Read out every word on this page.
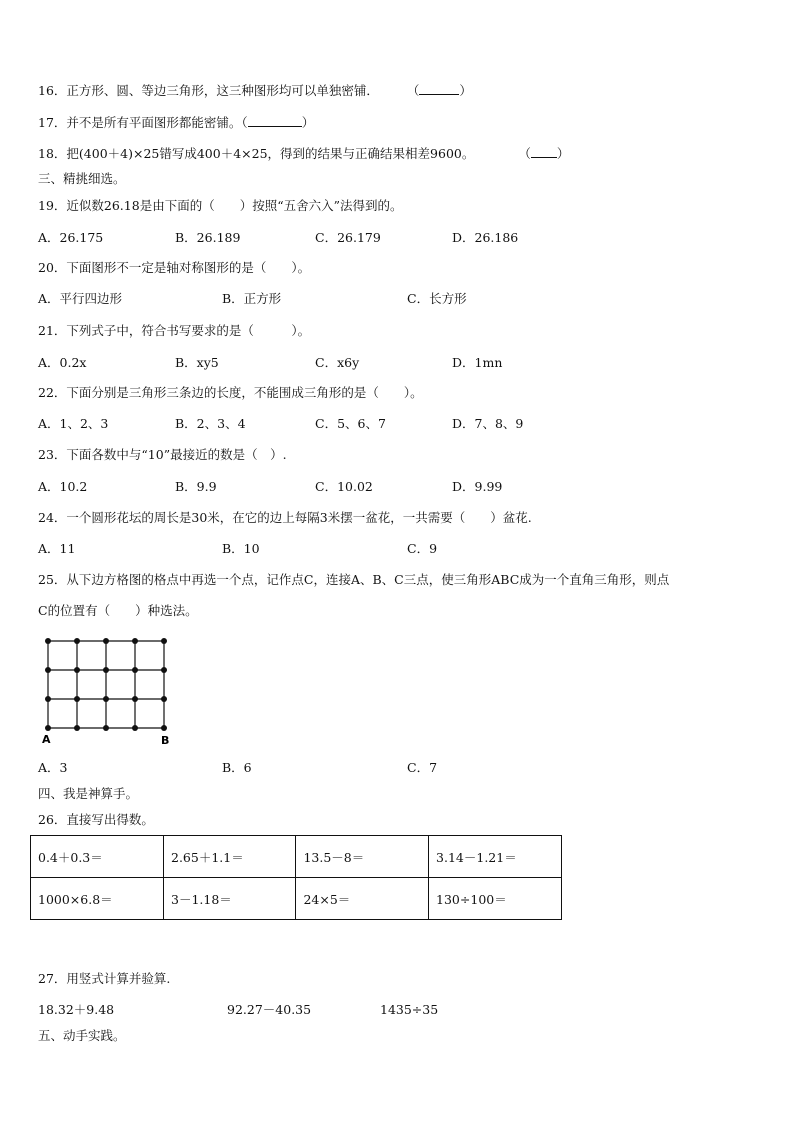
16．正方形、圆、等边三角形，这三种图形均可以单独密铺． （	）
17．并不是所有平面图形都能密铺。（	）
18．把(400＋4)×25错写成400＋4×25，得到的结果与正确结果相差9600。	（ ）
三、精挑细选。
19．近似数26.18是由下面的（　　）按照“五舍六入”法得到的。
A．26.175	B．26.189	C．26.179	D．26.186
20．下面图形不一定是轴对称图形的是（　　）。
A．平行四边形	B．正方形	C．长方形
21．下列式子中，符合书写要求的是（　　　）。
A．0.2x	B．xy5	C．x6y	D．1mn
22．下面分别是三角形三条边的长度，不能围成三角形的是（　　）。
A．1、2、3	B．2、3、4	C．5、6、7	D．7、8、9
23．下面各数中与“10”最接近的数是（　）.
A．10.2	B．9.9	C．10.02	D．9.99
24．一个圆形花坛的周长是30米，在它的边上每隔3米摆一盆花，一共需要（　　）盆花.
A．11	B．10	C．9
25．从下边方格图的格点中再选一个点，记作点C，连接A、B、C三点，使三角形ABC成为一个直角三角形，则点
C的位置有（　　）种选法。
A	B
A．3	B．6	C．7
四、我是神算手。
26．直接写出得数。
0.4＋0.3＝	2.65＋1.1＝	13.5－8＝	3.14－1.21＝
1000×6.8＝	3－1.18＝	24×5＝	130÷100＝
27．用竖式计算并验算.
18.32＋9.48	92.27－40.35	1435÷35
五、动手实践。
